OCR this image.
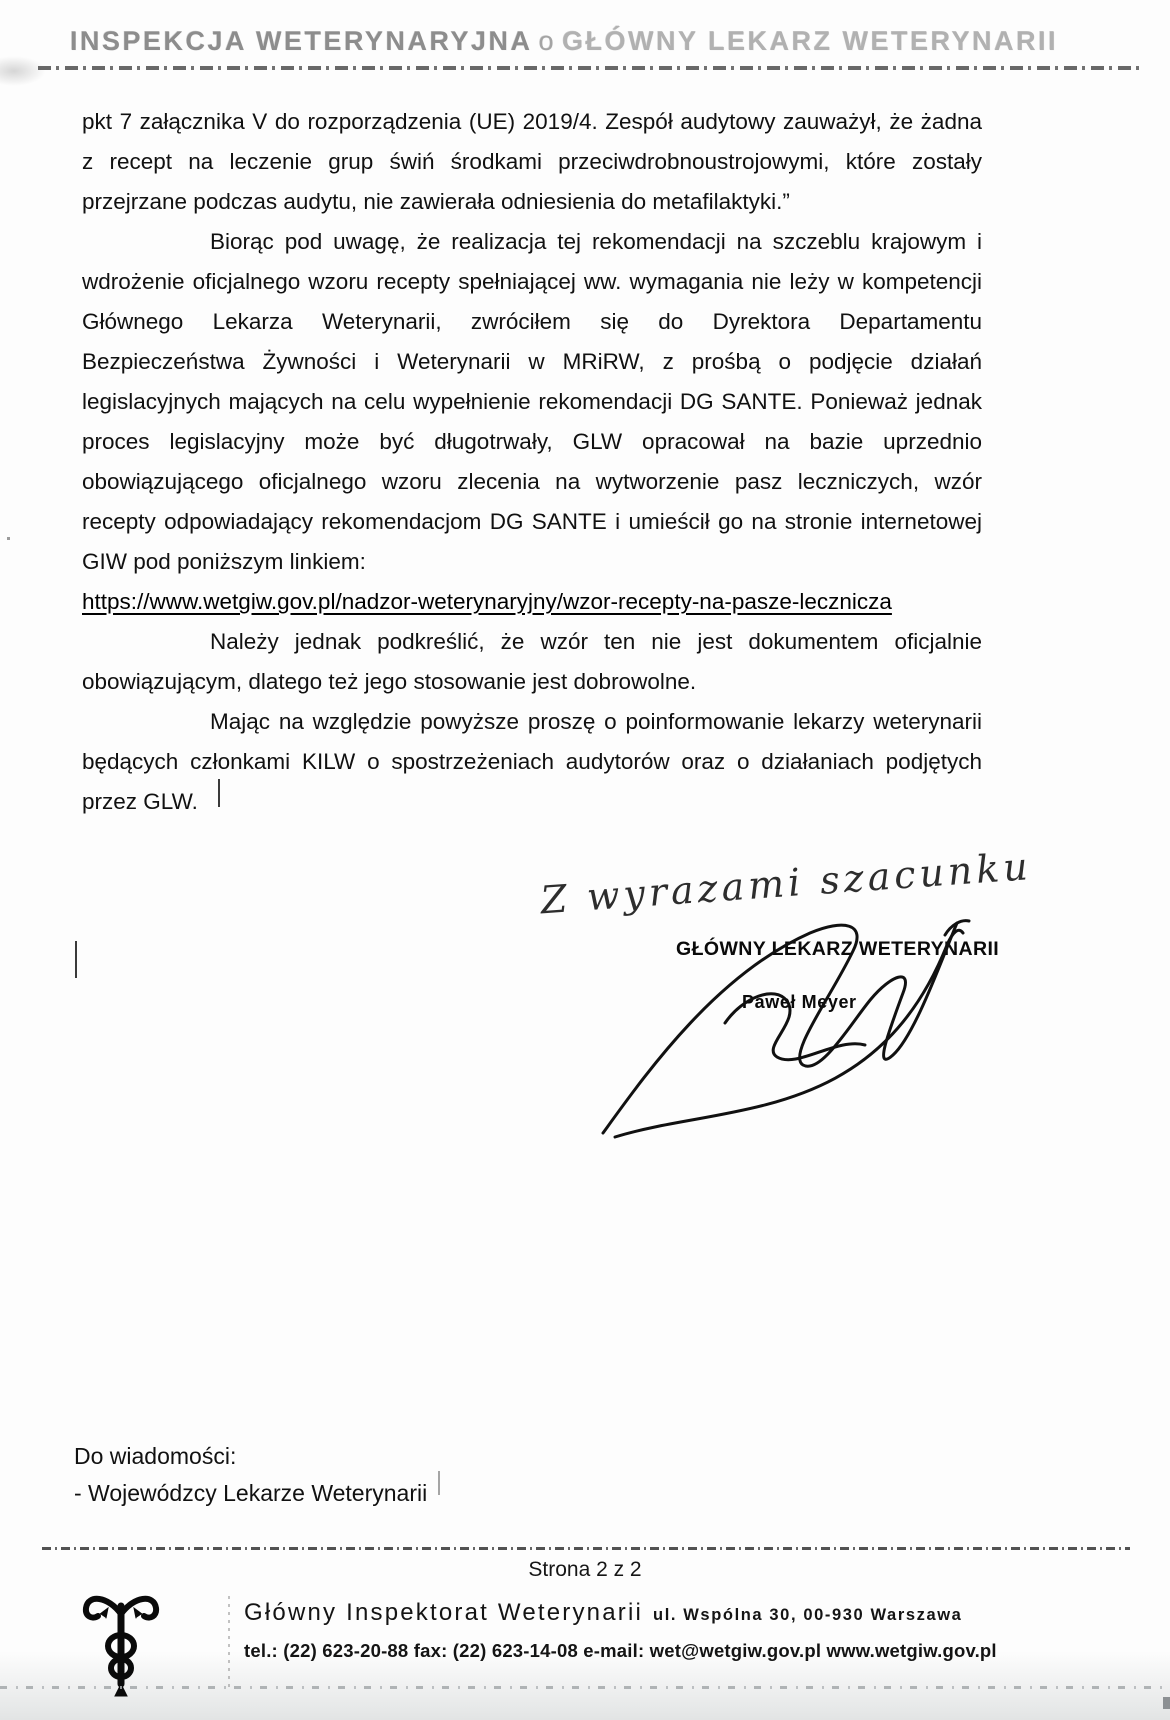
INSPEKCJA WETERYNARYJNA o GŁÓWNY LEKARZ WETERYNARII

pkt 7 załącznika V do rozporządzenia (UE) 2019/4. Zespół audytowy zauważył, że żadna z recept na leczenie grup świń środkami przeciwdrobnoustrojowymi, które zostały przejrzane podczas audytu, nie zawierała odniesienia do metafilaktyki.”

Biorąc pod uwagę, że realizacja tej rekomendacji na szczeblu krajowym i wdrożenie oficjalnego wzoru recepty spełniającej ww. wymagania nie leży w kompetencji Głównego Lekarza Weterynarii, zwróciłem się do Dyrektora Departamentu Bezpieczeństwa Żywności i Weterynarii w MRiRW, z prośbą o podjęcie działań legislacyjnych mających na celu wypełnienie rekomendacji DG SANTE. Ponieważ jednak proces legislacyjny może być długotrwały, GLW opracował na bazie uprzednio obowiązującego oficjalnego wzoru zlecenia na wytworzenie pasz leczniczych, wzór recepty odpowiadający rekomendacjom DG SANTE i umieścił go na stronie internetowej GIW pod poniższym linkiem:

https://www.wetgiw.gov.pl/nadzor-weterynaryjny/wzor-recepty-na-pasze-lecznicza

Należy jednak podkreślić, że wzór ten nie jest dokumentem oficjalnie obowiązującym, dlatego też jego stosowanie jest dobrowolne.

Mając na względzie powyższe proszę o poinformowanie lekarzy weterynarii będących członkami KILW o spostrzeżeniach audytorów oraz o działaniach podjętych przez GLW.

Z wyrazami szacunku
GŁÓWNY LEKARZ WETERYNARII
Paweł Meyer
Do wiadomości:
- Wojewódzcy Lekarze Weterynarii
Strona 2 z 2
Główny Inspektorat Weterynarii ul. Wspólna 30, 00-930 Warszawa
tel.: (22) 623-20-88 fax: (22) 623-14-08 e-mail: wet@wetgiw.gov.pl www.wetgiw.gov.pl
